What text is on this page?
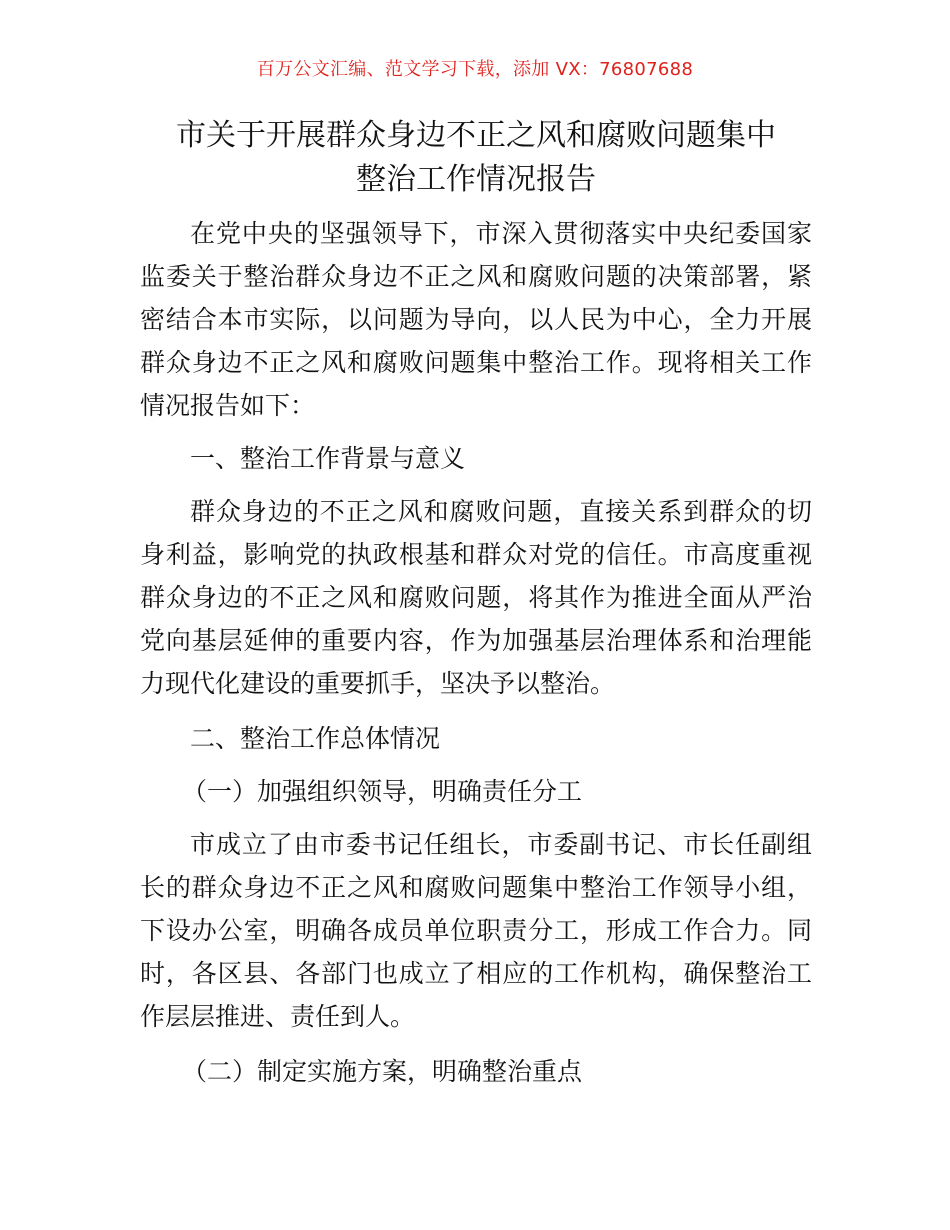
百万公文汇编、范文学习下载，添加 VX：76807688
市关于开展群众身边不正之风和腐败问题集中
整治工作情况报告

在党中央的坚强领导下，市深入贯彻落实中央纪委国家监委关于整治群众身边不正之风和腐败问题的决策部署，紧密结合本市实际，以问题为导向，以人民为中心，全力开展群众身边不正之风和腐败问题集中整治工作。现将相关工作情况报告如下：

一、整治工作背景与意义

群众身边的不正之风和腐败问题，直接关系到群众的切身利益，影响党的执政根基和群众对党的信任。市高度重视群众身边的不正之风和腐败问题，将其作为推进全面从严治党向基层延伸的重要内容，作为加强基层治理体系和治理能力现代化建设的重要抓手，坚决予以整治。

二、整治工作总体情况

（一）加强组织领导，明确责任分工

市成立了由市委书记任组长，市委副书记、市长任副组长的群众身边不正之风和腐败问题集中整治工作领导小组，下设办公室，明确各成员单位职责分工，形成工作合力。同时，各区县、各部门也成立了相应的工作机构，确保整治工作层层推进、责任到人。

（二）制定实施方案，明确整治重点
